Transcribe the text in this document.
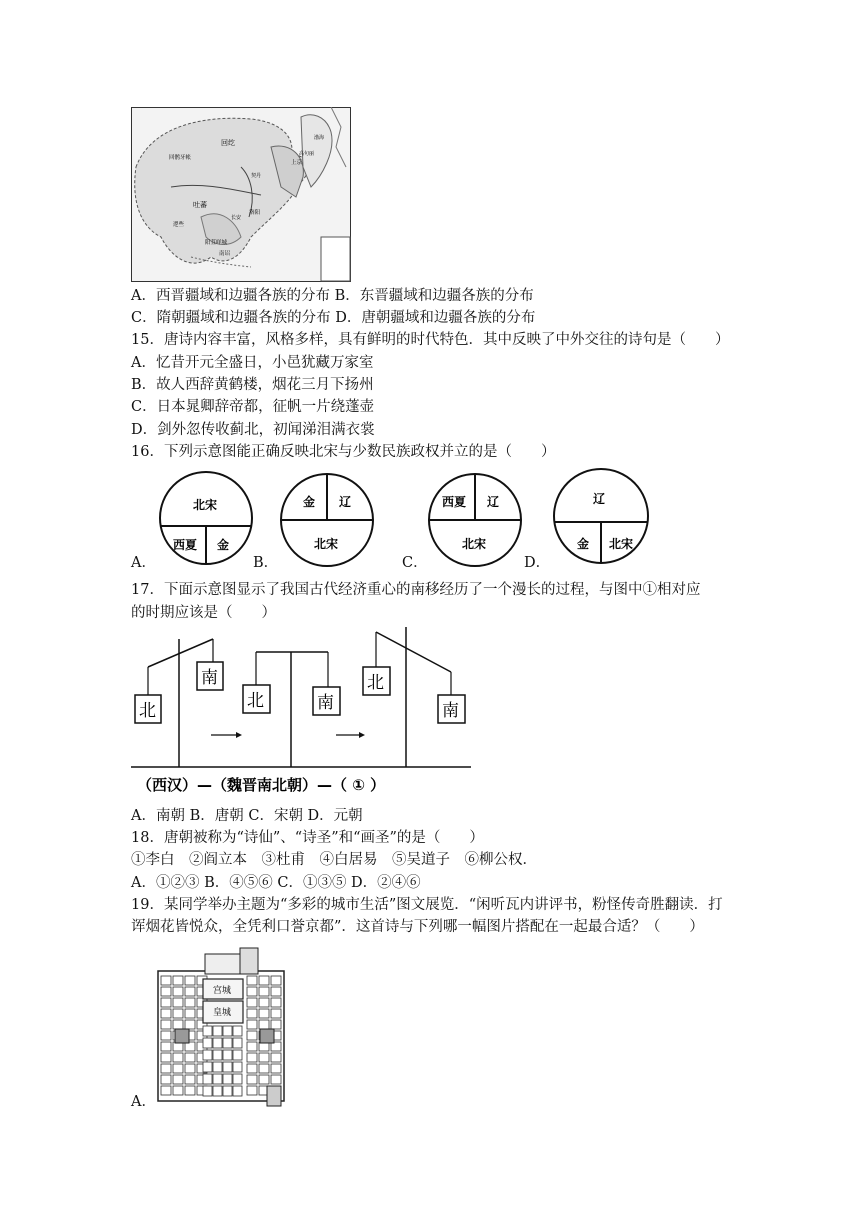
高句丽
回鹘牙帐
契丹
渤海
上京
洛阳
长安
逻些
阳苴咩城
南诏
回纥
吐蕃
A．西晋疆域和边疆各族的分布 B．东晋疆域和边疆各族的分布
C．隋朝疆域和边疆各族的分布 D．唐朝疆域和边疆各族的分布
15．唐诗内容丰富，风格多样，具有鲜明的时代特色．其中反映了中外交往的诗句是（　　）
A．忆昔开元全盛日，小邑犹藏万家室
B．故人西辞黄鹤楼，烟花三月下扬州
C．日本晁卿辞帝都，征帆一片绕蓬壶
D．剑外忽传收蓟北，初闻涕泪满衣裳
16．下列示意图能正确反映北宋与少数民族政权并立的是（　　）
北宋
西夏 金
金 辽
北宋
西夏 辽
北宋
辽
金 北宋
A．	B．	C．	D．
17．下面示意图显示了我国古代经济重心的南移经历了一个漫长的过程，与图中①相对应
的时期应该是（　　）
北
南
北	南
北
南
（西汉）—（魏晋南北朝）—（ ① ）
A．南朝 B．唐朝 C．宋朝 D．元朝
18．唐朝被称为“诗仙”、“诗圣”和“画圣”的是（　　）
①李白　②阎立本　③杜甫　④白居易　⑤吴道子　⑥柳公权．
A．①②③ B．④⑤⑥ C．①③⑤ D．②④⑥
19．某同学举办主题为“多彩的城市生活”图文展览．“闲听瓦内讲评书，粉怪传奇胜翻读．打
诨烟花皆悦众，全凭利口誉京都”．这首诗与下列哪一幅图片搭配在一起最合适？（　　）
宫城
皇城
A．
